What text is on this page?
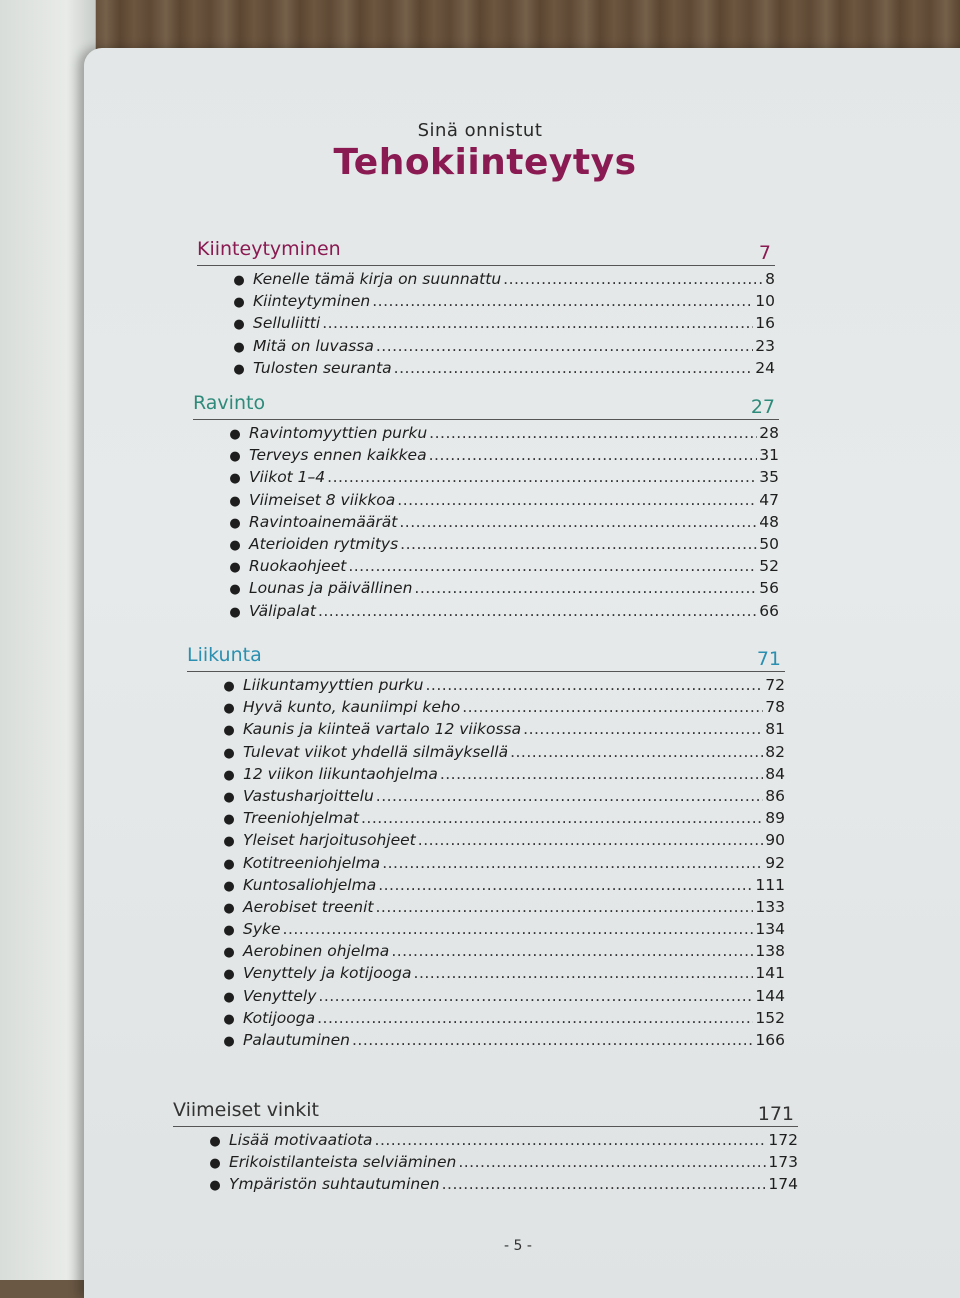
Sinä onnistut
Tehokiinteytys
Kiinteytyminen	7
● Kenelle tämä kirja on suunnattu .....	8
● Kiinteytyminen .....	10
● Selluliitti .....	16
● Mitä on luvassa .....	23
● Tulosten seuranta .....	24
Ravinto	27
● Ravintomyyttien purku .....	28
● Terveys ennen kaikkea .....	31
● Viikot 1–4 .....	35
● Viimeiset 8 viikkoa .....	47
● Ravintoainemäärät .....	48
● Aterioiden rytmitys .....	50
● Ruokaohjeet .....	52
● Lounas ja päivällinen .....	56
● Välipalat .....	66
Liikunta	71
● Liikuntamyyttien purku .....	72
● Hyvä kunto, kauniimpi keho .....	78
● Kaunis ja kiinteä vartalo 12 viikossa .....	81
● Tulevat viikot yhdellä silmäyksellä .....	82
● 12 viikon liikuntaohjelma .....	84
● Vastusharjoittelu .....	86
● Treeniohjelmat .....	89
● Yleiset harjoitusohjeet .....	90
● Kotitreeniohjelma .....	92
● Kuntosaliohjelma .....	111
● Aerobiset treenit .....	133
● Syke .....	134
● Aerobinen ohjelma .....	138
● Venyttely ja kotijooga .....	141
● Venyttely .....	144
● Kotijooga .....	152
● Palautuminen .....	166
Viimeiset vinkit	171
● Lisää motivaatiota .....	172
● Erikoistilanteista selviäminen .....	173
● Ympäristön suhtautuminen .....	174
- 5 -
